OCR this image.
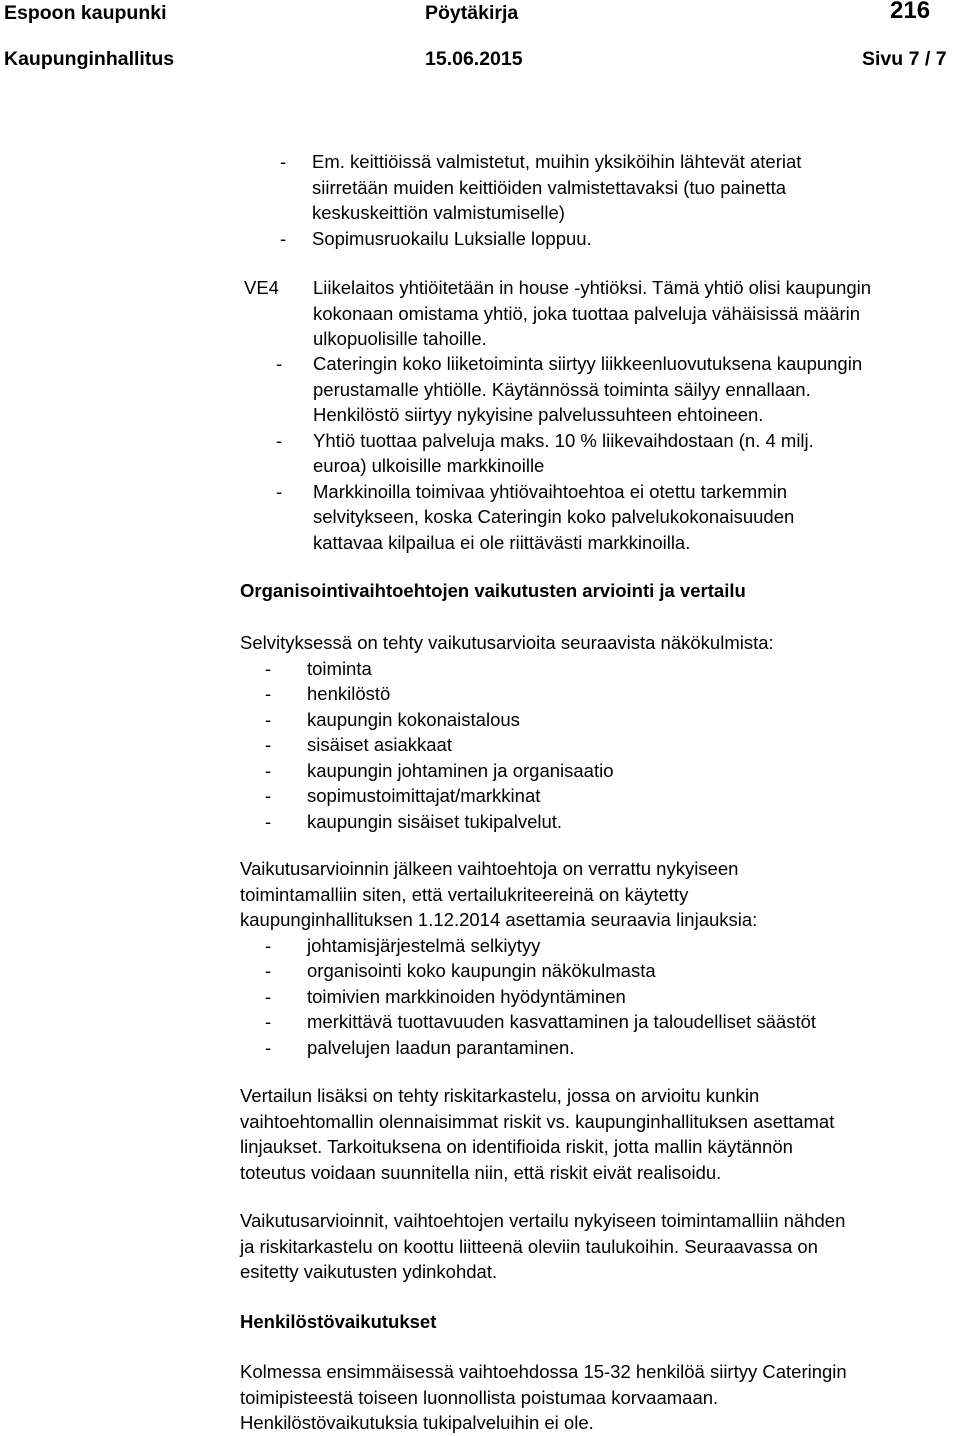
Espoon kaupunki	Pöytäkirja	216
Kaupunginhallitus	15.06.2015	Sivu 7 / 7
- Em. keittiöissä valmistetut, muihin yksiköihin lähtevät ateriat
siirretään muiden keittiöiden valmistettavaksi (tuo painetta
keskuskeittiön valmistumiselle)
- Sopimusruokailu Luksialle loppuu.
VE4 Liikelaitos yhtiöitetään in house -yhtiöksi. Tämä yhtiö olisi kaupungin
kokonaan omistama yhtiö, joka tuottaa palveluja vähäisissä määrin
ulkopuolisille tahoille.
- Cateringin koko liiketoiminta siirtyy liikkeenluovutuksena kaupungin
perustamalle yhtiölle. Käytännössä toiminta säilyy ennallaan.
Henkilöstö siirtyy nykyisine palvelussuhteen ehtoineen.
- Yhtiö tuottaa palveluja maks. 10 % liikevaihdostaan (n. 4 milj.
euroa) ulkoisille markkinoille
- Markkinoilla toimivaa yhtiövaihtoehtoa ei otettu tarkemmin
selvitykseen, koska Cateringin koko palvelukokonaisuuden
kattavaa kilpailua ei ole riittävästi markkinoilla.
Organisointivaihtoehtojen vaikutusten arviointi ja vertailu
Selvityksessä on tehty vaikutusarvioita seuraavista näkökulmista:
- toiminta
- henkilöstö
- kaupungin kokonaistalous
- sisäiset asiakkaat
- kaupungin johtaminen ja organisaatio
- sopimustoimittajat/markkinat
- kaupungin sisäiset tukipalvelut.
Vaikutusarvioinnin jälkeen vaihtoehtoja on verrattu nykyiseen
toimintamalliin siten, että vertailukriteereinä on käytetty
kaupunginhallituksen 1.12.2014 asettamia seuraavia linjauksia:
- johtamisjärjestelmä selkiytyy
- organisointi koko kaupungin näkökulmasta
- toimivien markkinoiden hyödyntäminen
- merkittävä tuottavuuden kasvattaminen ja taloudelliset säästöt
- palvelujen laadun parantaminen.
Vertailun lisäksi on tehty riskitarkastelu, jossa on arvioitu kunkin
vaihtoehtomallin olennaisimmat riskit vs. kaupunginhallituksen asettamat
linjaukset. Tarkoituksena on identifioida riskit, jotta mallin käytännön
toteutus voidaan suunnitella niin, että riskit eivät realisoidu.
Vaikutusarvioinnit, vaihtoehtojen vertailu nykyiseen toimintamalliin nähden
ja riskitarkastelu on koottu liitteenä oleviin taulukoihin. Seuraavassa on
esitetty vaikutusten ydinkohdat.
Henkilöstövaikutukset
Kolmessa ensimmäisessä vaihtoehdossa 15-32 henkilöä siirtyy Cateringin
toimipisteestä toiseen luonnollista poistumaa korvaamaan.
Henkilöstövaikutuksia tukipalveluihin ei ole.
